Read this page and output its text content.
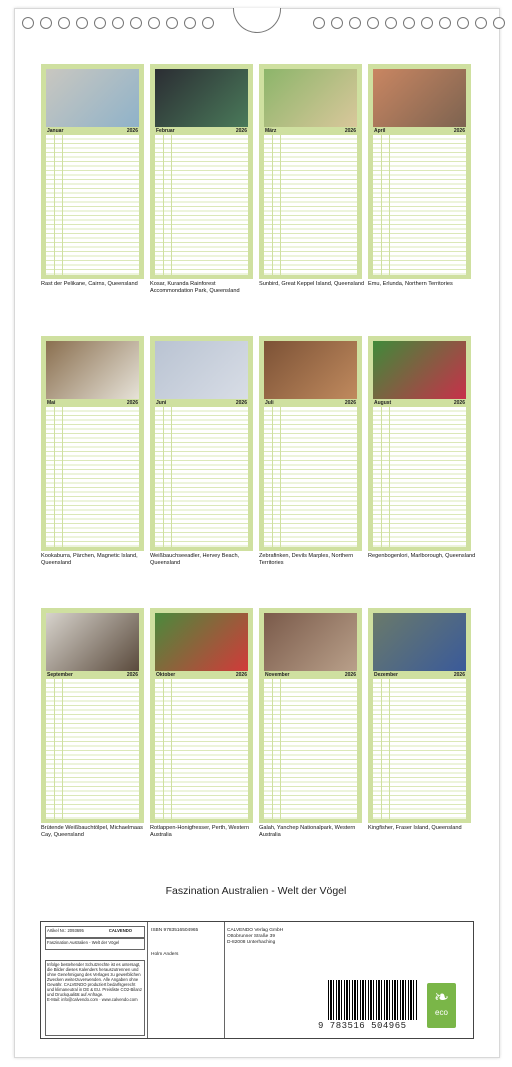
Januar	2026
Rast der Pelikane, Cairns, Queensland
Februar	2026
Kosar, Kuranda Rainforest Accommondation Park, Queensland
März	2026
Sunbird, Great Keppel Island, Queensland
April	2026
Emu, Erlunda, Northern Territories
Mai	2026
Kookaburra, Pärchen, Magnetic Island, Queensland
Juni	2026
Weißbauchseeadler, Hervey Beach, Queensland
Juli	2026
Zebrafinken, Devils Marples, Northern Territories
August	2026
Regenbogenlori, Marlborough, Queensland
September	2026
Brütende Weißbauchtölpel, Michaelmaas Cay, Queensland
Oktober	2026
Rotlappen-Honigfresser, Perth, Western Australia
November	2026
Galah, Yanchep Nationalpark, Western Australia
Dezember	2026
Kingfisher, Fraser Island, Queensland
Faszination Australien - Welt der Vögel
Artikel Nr.: 2093695	CALVENDO
Faszination Australien - Welt der Vögel
Infolge bestehender Schutzrechte ist es untersagt, die Bilder dieses Kalenders herauszutrennen und ohne Genehmigung des Verlages zu gewerblichen Zwecken weiterzuverwenden. Alle Angaben ohne Gewähr. CALVENDO produziert bedarfsgerecht und klimaneutral in DE & EU. Preisliste CO2-Bilanz und Druckqualität auf Anfrage.
E-Mail: info@calvendo.com · www.calvendo.com
ISBN 9783516504965
Holm Anders
CALVENDO Verlag GmbH
Ottobrunner Straße 39
D-82008 Unterhaching
9 783516 504965
❧
eco
